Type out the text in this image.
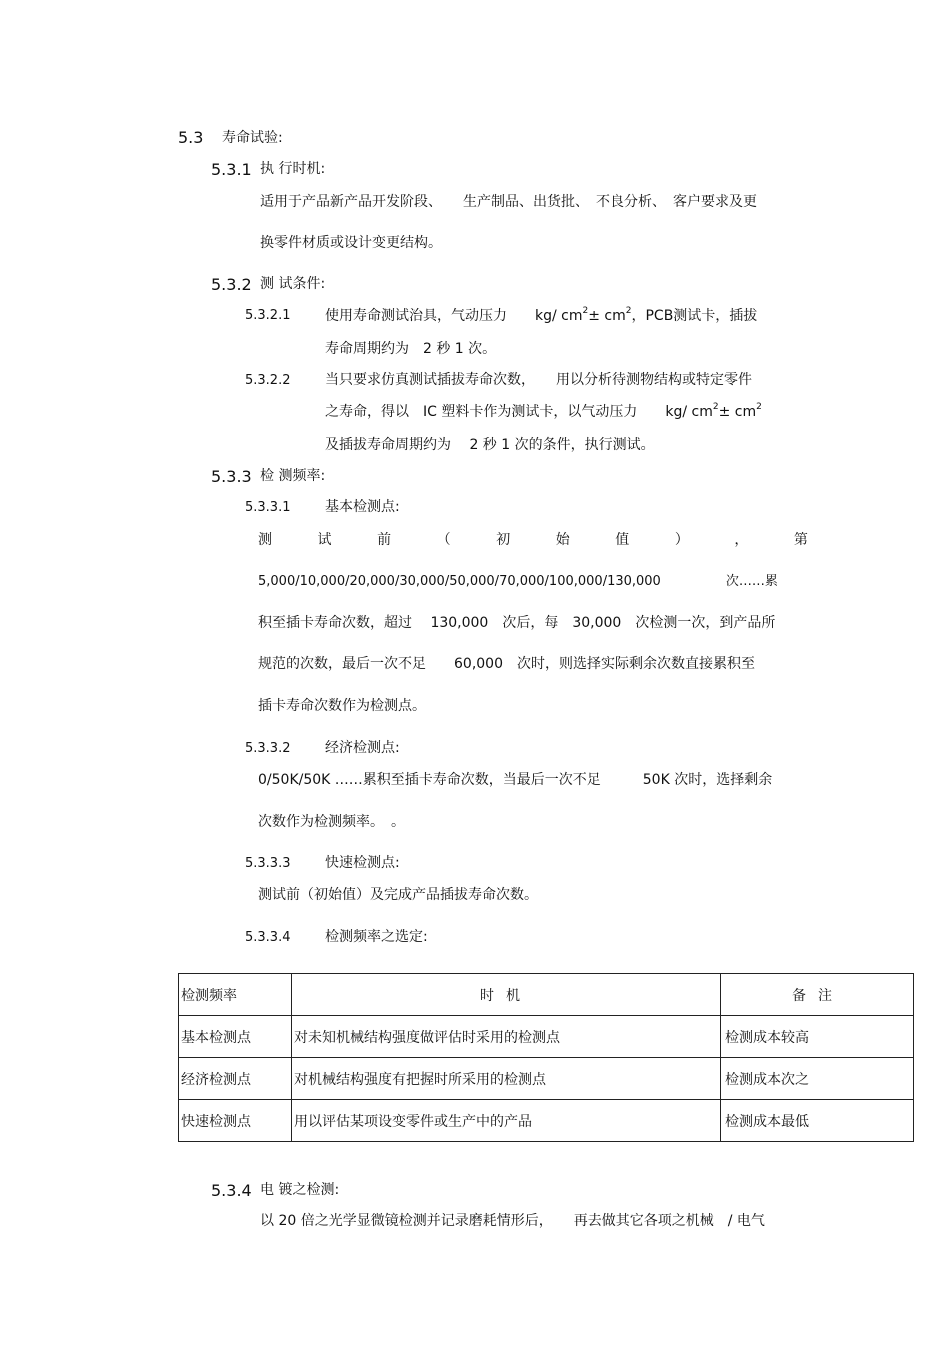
5.3 寿命试验:
5.3.1 执 行时机:
适用于产品新产品开发阶段、　　生产制品、出货批、　不良分析、　客户要求及更
换零件材质或设计变更结构。
5.3.2 测 试条件:
5.3.2.1 使用寿命测试治具，气动压力　　kg/ $cm^2\pm cm^2$，PCB测试卡，插拔
寿命周期约为　2 秒 1 次。
5.3.2.2 当只要求仿真测试插拔寿命次数，　　用以分析待测物结构或特定零件
之寿命，得以　IC 塑料卡作为测试卡，以气动压力　　kg/ $cm^2\pm cm^2$
及插拔寿命周期约为　 2 秒 1 次的条件，执行测试。
5.3.3 检 测频率:
5.3.3.1 基本检测点:
测	试	前	（	初	始	值	）	，	第
5,000/10,000/20,000/30,000/50,000/70,000/100,000/130,000　　　　　次……累
积至插卡寿命次数，超过　 130,000　次后，每　30,000　次检测一次，到产品所
规范的次数，最后一次不足　　60,000　次时，则选择实际剩余次数直接累积至
插卡寿命次数作为检测点。
5.3.3.2 经济检测点:
0/50K/50K ……累积至插卡寿命次数，当最后一次不足　　　50K 次时，选择剩余
次数作为检测频率。　。
5.3.3.3 快速检测点:
测试前（初始值）及完成产品插拔寿命次数。
5.3.3.4 检测频率之选定:
检测频率	时机	备注
基本检测点	对未知机械结构强度做评估时采用的检测点	检测成本较高
经济检测点	对机械结构强度有把握时所采用的检测点	检测成本次之
快速检测点	用以评估某项设变零件或生产中的产品	检测成本最低
5.3.4 电 镀之检测:
以 20 倍之光学显微镜检测并记录磨耗情形后，　　再去做其它各项之机械　/ 电气
